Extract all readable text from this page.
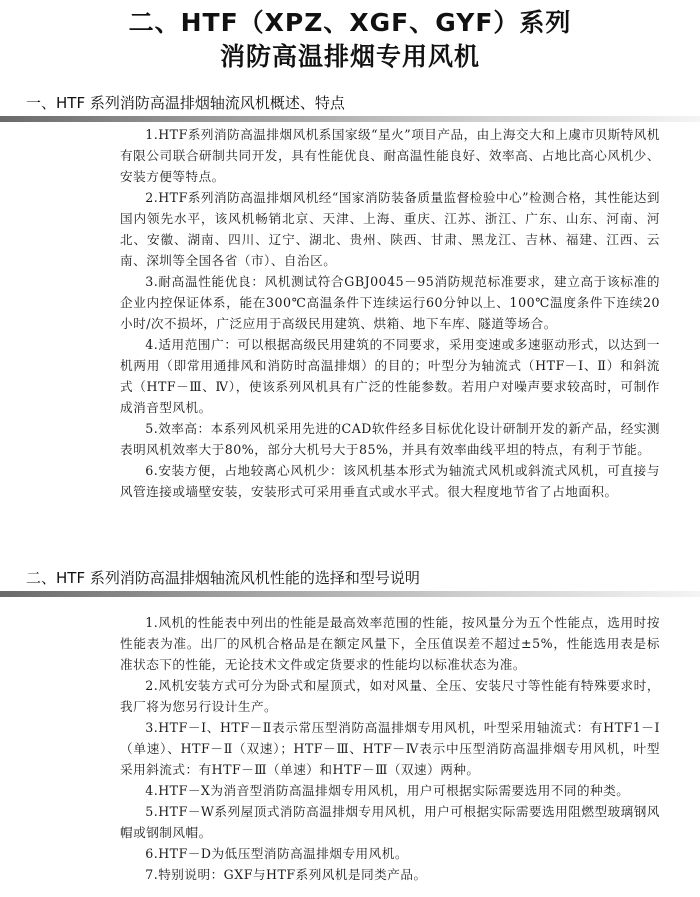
二、HTF（XPZ、XGF、GYF）系列
消防高温排烟专用风机
一、HTF 系列消防高温排烟轴流风机概述、特点

1.HTF系列消防高温排烟风机系国家级“星火”项目产品，由上海交大和上虞市贝斯特风机有限公司联合研制共同开发，具有性能优良、耐高温性能良好、效率高、占地比高心风机少、安装方便等特点。

2.HTF系列消防高温排烟风机经“国家消防装备质量监督检验中心”检测合格，其性能达到国内领先水平，该风机畅销北京、天津、上海、重庆、江苏、浙江、广东、山东、河南、河北、安徽、湖南、四川、辽宁、湖北、贵州、陕西、甘肃、黑龙江、吉林、福建、江西、云南、深圳等全国各省（市）、自治区。

3.耐高温性能优良：风机测试符合GBJ0045－95消防规范标准要求，建立高于该标准的企业内控保证体系，能在300℃高温条件下连续运行60分钟以上、100℃温度条件下连续20小时/次不损坏，广泛应用于高级民用建筑、烘箱、地下车库、隧道等场合。

4.适用范围广：可以根据高级民用建筑的不同要求，采用变速或多速驱动形式，以达到一机两用（即常用通排风和消防时高温排烟）的目的；叶型分为轴流式（HTF－Ⅰ、Ⅱ）和斜流式（HTF－Ⅲ、Ⅳ），使该系列风机具有广泛的性能参数。若用户对噪声要求较高时，可制作成消音型风机。

5.效率高：本系列风机采用先进的CAD软件经多目标优化设计研制开发的新产品，经实测表明风机效率大于80%，部分大机号大于85%，并具有效率曲线平坦的特点，有利于节能。

6.安装方便，占地较离心风机少：该风机基本形式为轴流式风机或斜流式风机，可直接与风管连接或墙壁安装，安装形式可采用垂直式或水平式。很大程度地节省了占地面积。

二、HTF 系列消防高温排烟轴流风机性能的选择和型号说明

1.风机的性能表中列出的性能是最高效率范围的性能，按风量分为五个性能点，选用时按性能表为准。出厂的风机合格品是在额定风量下，全压值误差不超过±5%，性能选用表是标准状态下的性能，无论技术文件或定货要求的性能均以标准状态为准。

2.风机安装方式可分为卧式和屋顶式，如对风量、全压、安装尺寸等性能有特殊要求时，我厂将为您另行设计生产。

3.HTF－Ⅰ、HTF－Ⅱ表示常压型消防高温排烟专用风机，叶型采用轴流式：有HTF1－Ⅰ（单速）、HTF－Ⅱ（双速）；HTF－Ⅲ、HTF－Ⅳ表示中压型消防高温排烟专用风机，叶型采用斜流式：有HTF－Ⅲ（单速）和HTF－Ⅲ（双速）两种。

4.HTF－X为消音型消防高温排烟专用风机，用户可根据实际需要选用不同的种类。

5.HTF－W系列屋顶式消防高温排烟专用风机，用户可根据实际需要选用阻燃型玻璃钢风帽或钢制风帽。

6.HTF－D为低压型消防高温排烟专用风机。

7.特别说明：GXF与HTF系列风机是同类产品。
